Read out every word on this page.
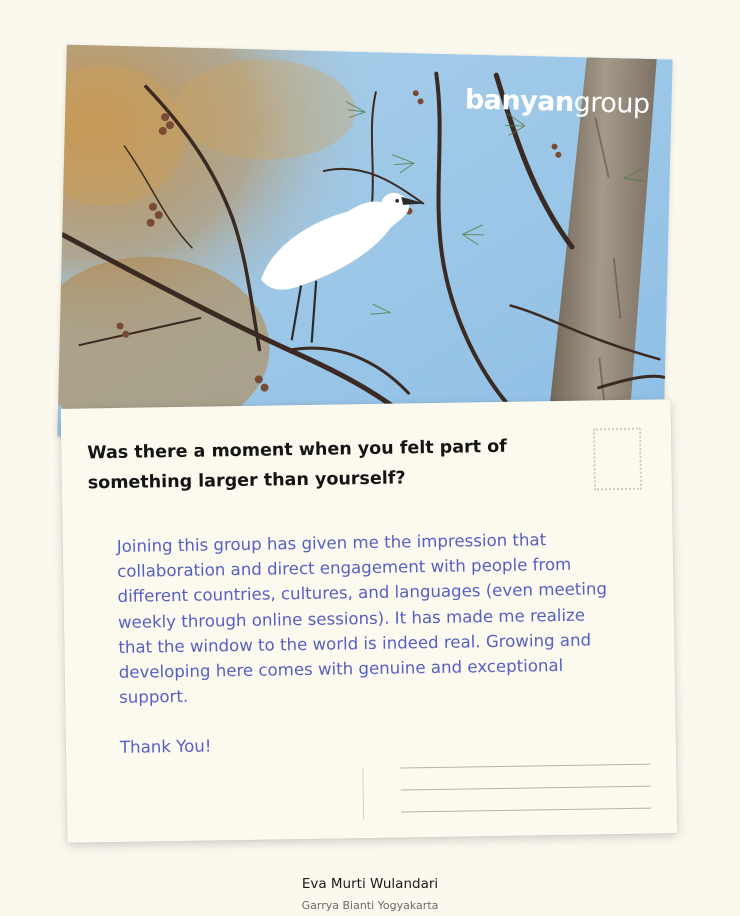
banyangroup
Was there a moment when you felt part of something larger than yourself?

Joining this group has given me the impression that collaboration and direct engagement with people from different countries, cultures, and languages (even meeting weekly through online sessions). It has made me realize that the window to the world is indeed real. Growing and developing here comes with genuine and exceptional support.

Thank You!

Eva Murti Wulandari
Garrya Bianti Yogyakarta
